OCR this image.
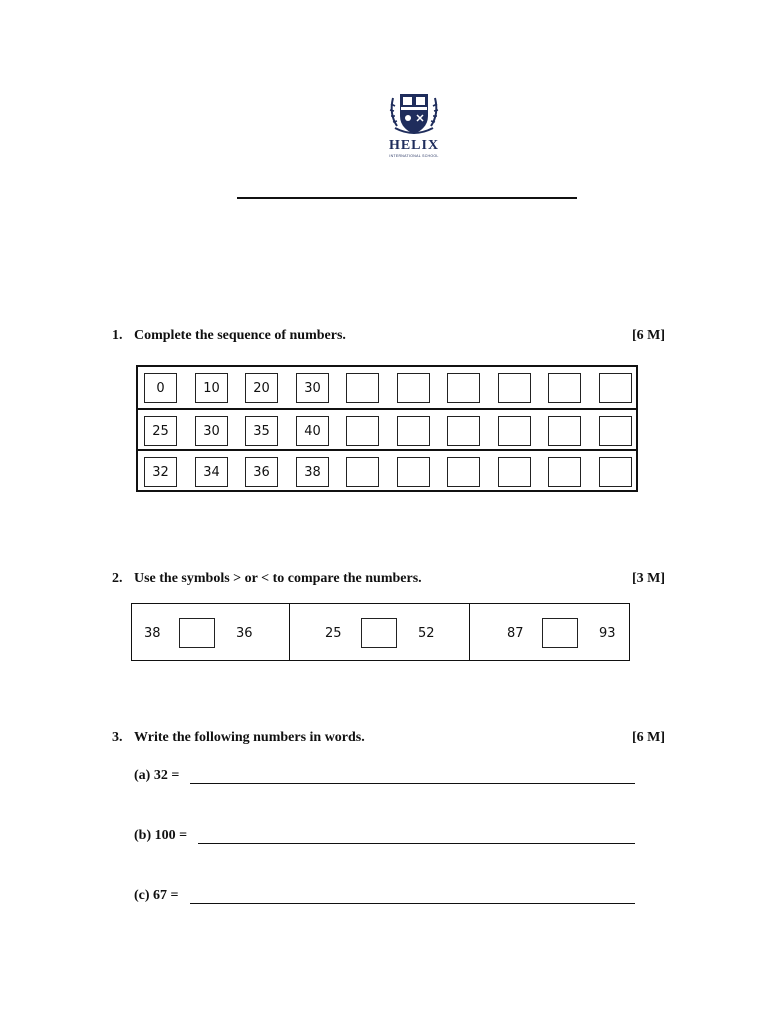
HELIX
INTERNATIONAL SCHOOL
1. Complete the sequence of numbers.	[6 M]
0	10	20	30
25	30	35	40
32	34	36	38
2. Use the symbols > or < to compare the numbers.	[3 M]
38	36	25	52	87	93
3. Write the following numbers in words.	[6 M]
(a) 32 =
(b) 100 =
(c) 67 =
